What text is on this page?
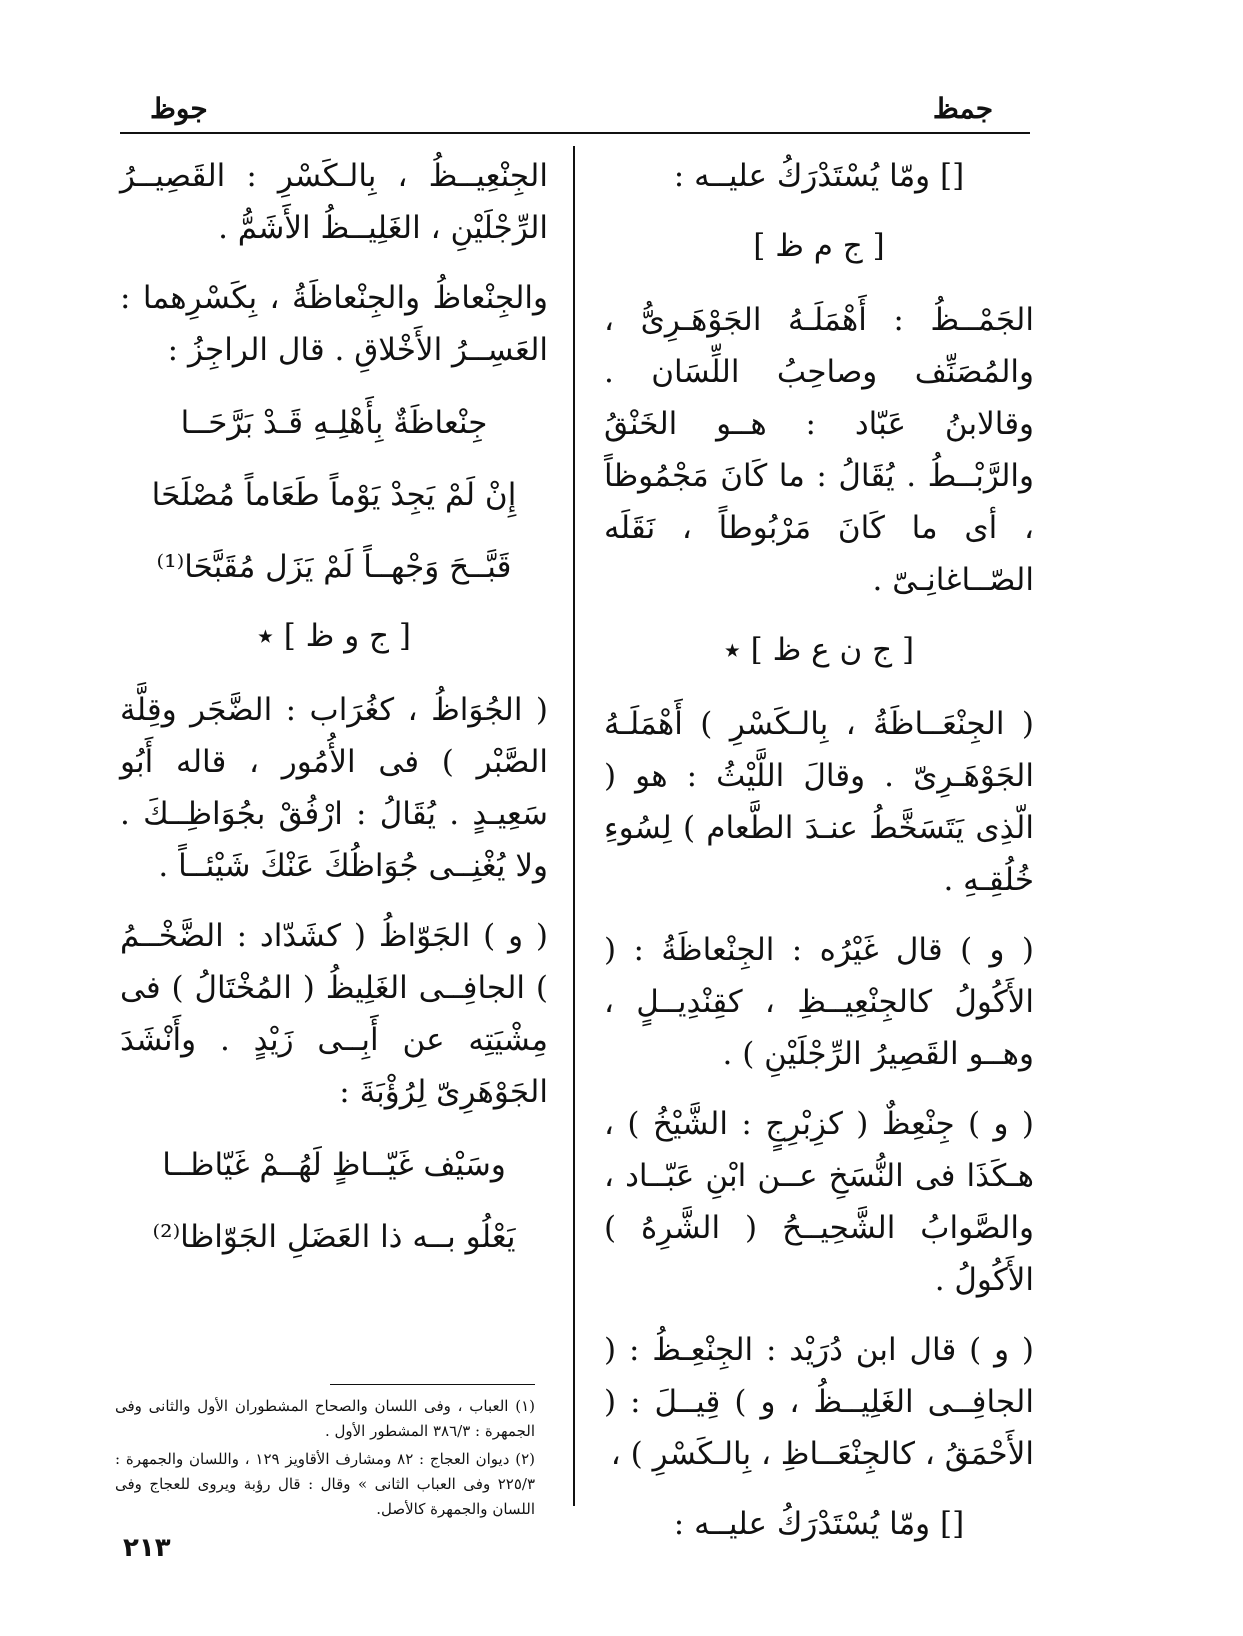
جمظ
جوظ

[] ومّا يُسْتَدْرَكُ عليــه :

[ ج م ظ ]

الجَمْــظُ : أَهْمَلَـهُ الجَوْهَـرِىُّ ، والمُصَنِّف وصاحِبُ اللِّسَان . وقالابنُ عَبّاد : هــو الخَنْقُ والرَّبْــطُ . يُقَالُ : ما كَانَ مَجْمُوظاً ، أى ما كَانَ مَرْبُوطاً ، نَقَلَه الصّــاغانِـىّ .

[ ج ن ع ظ ] ٭

( الجِنْعَــاظَةُ ، بِالـكَسْرِ ) أَهْمَلَـهُ الجَوْهَـرِىّ . وقالَ اللَّيْثُ : هو ( الّذِى يَتَسَخَّطُ عنـدَ الطَّعام ) لِسُوءِ خُلُقِـهِ .

( و ) قال غَيْرُه : الجِنْعاظَةُ : ( الأَكُولُ كالجِنْعِيــظِ ، كقِنْدِيــلٍ ، وهــو القَصِيرُ الرِّجْلَيْنِ ) .

( و ) جِنْعِظٌ ( كزِبْرِجٍ : الشَّيْخُ ) ، هـكَذَا فى النُّسَخِ عــن ابْنِ عَبّــاد ، والصَّوابُ الشَّحِيــحُ ( الشَّرِهُ ) الأَكُولُ .

( و ) قال ابن دُرَيْد : الجِنْعِـظُ : ( الجافِــى الغَلِيــظُ ، و ) قِيــلَ : ( الأَحْمَقُ ، كالجِنْعَــاظِ ، بِالـكَسْرِ ) ،

[] ومّا يُسْتَدْرَكُ عليــه :

الجِنْعِيــظُ ، بِالـكَسْرِ : القَصِيــرُ الرِّجْلَيْنِ ، الغَلِيــظُ الأَشَمُّ .

والجِنْعاظُ والجِنْعاظَةُ ، بِكَسْرِهما : العَسِــرُ الأَخْلاقِ . قال الراجِزُ :

جِنْعاظَةٌ بِأَهْلِـهِ قَـدْ بَرَّحَــا

إِنْ لَمْ يَجِدْ يَوْماً طَعَاماً مُصْلَحَا

قَبَّــحَ وَجْهــاً لَمْ يَزَل مُقَبَّحَا⁽¹⁾

[ ج و ظ ] ٭

( الجُوَاظُ ، كغُرَاب : الضَّجَر وقِلَّة الصَّبْر ) فى الأُمُور ، قاله أَبُو سَعِيـدٍ . يُقَالُ : ارْفُقْ بجُوَاظِــكَ . ولا يُغْنِــى جُوَاظُكَ عَنْكَ شَيْئــاً .

( و ) الجَوّاظُ ( كشَدّاد : الضَّخْــمُ ) الجافِــى الغَلِيظُ ( المُخْتَالُ ) فى مِشْيَتِه عن أَبِــى زَيْدٍ . وأَنْشَدَ الجَوْهَرِىّ لِرُؤْبَةَ :

وسَيْف غَيّــاظٍ لَهُــمْ غَيّاظــا

يَعْلُو بــه ذا العَضَلِ الجَوّاظا⁽²⁾

(١) العباب ، وفى اللسان والصحاح المشطوران الأول والثانى وفى الجمهرة : ٣٨٦/٣ المشطور الأول .

(٢) ديوان العجاج : ٨٢ ومشارف الأقاويز ١٢٩ ، واللسان والجمهرة : ٢٢٥/٣ وفى العباب الثانى » وقال : قال رؤبة ويروى للعجاج وفى اللسان والجمهرة كالأصل.

٢١٣
